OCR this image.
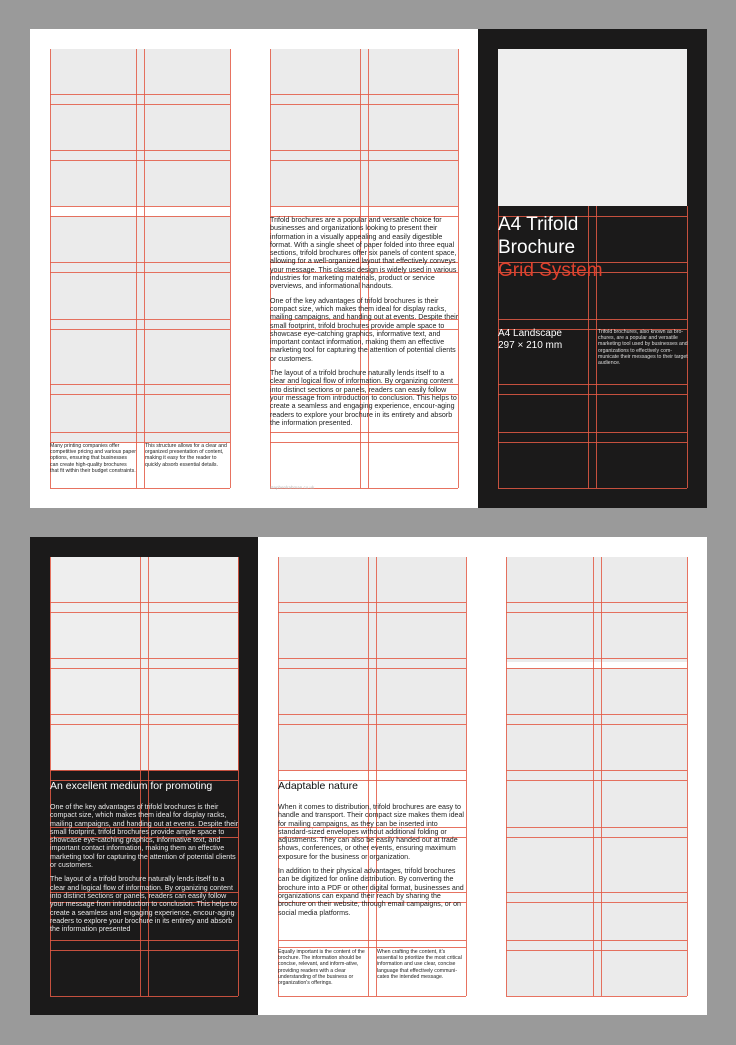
Many printing companies offer competitive pricing and various paper options, ensuring that businesses can create high-quality brochures that fit within their budget constraints.
This structure allows for a clear and organized presentation of content, making it easy for the reader to quickly absorb essential details.

Trifold brochures are a popular and versatile choice for businesses and organizations looking to present their information in a visually appealing and easily digestible format. With a single sheet of paper folded into three equal sections, trifold brochures offer six panels of content space, allowing for a well-organized layout that effectively conveys your message. This classic design is widely used in various industries for marketing materials, product or service overviews, and informational handouts.

One of the key advantages of trifold brochures is their compact size, which makes them ideal for display racks, mailing campaigns, and handing out at events. Despite their small footprint, trifold brochures provide ample space to showcase eye-catching graphics, informative text, and important contact information, making them an effective marketing tool for capturing the attention of potential clients or customers.

The layout of a trifold brochure naturally lends itself to a clear and logical flow of information. By organizing content into distinct sections or panels, readers can easily follow your message from introduction to conclusion. This helps to create a seamless and engaging experience, encour-aging readers to explore your brochure in its entirety and absorb the information presented.

stephenlrahman.co.uk
A4 Trifold
Brochure
Grid System
A4 Landscape
297 × 210 mm
Trifold brochures, also known as bro-chures, are a popular and versatile marketing tool used by businesses and organizations to effectively com-municate their messages to their target audience.
An excellent medium for promoting

One of the key advantages of trifold brochures is their compact size, which makes them ideal for display racks, mailing campaigns, and handing out at events. Despite their small footprint, trifold brochures provide ample space to showcase eye-catching graphics, informative text, and important contact information, making them an effective marketing tool for capturing the attention of potential clients or customers.

The layout of a trifold brochure naturally lends itself to a clear and logical flow of information. By organizing content into distinct sections or panels, readers can easily follow your message from introduction to conclusion. This helps to create a seamless and engaging experience, encour-aging readers to explore your brochure in its entirety and absorb the information presented

Adaptable nature

When it comes to distribution, trifold brochures are easy to handle and transport. Their compact size makes them ideal for mailing campaigns, as they can be inserted into standard-sized envelopes without additional folding or adjustments. They can also be easily handed out at trade shows, conferences, or other events, ensuring maximum exposure for the business or organization.

In addition to their physical advantages, trifold brochures can be digitized for online distribution. By converting the brochure into a PDF or other digital format, businesses and organizations can expand their reach by sharing the brochure on their website, through email campaigns, or on social media platforms.

Equally important is the content of the brochure. The information should be concise, relevant, and inform-ative, providing readers with a clear understanding of the business or organization's offerings.
When crafting the content, it's essential to prioritize the most critical information and use clear, concise language that effectively communi-cates the intended message.
